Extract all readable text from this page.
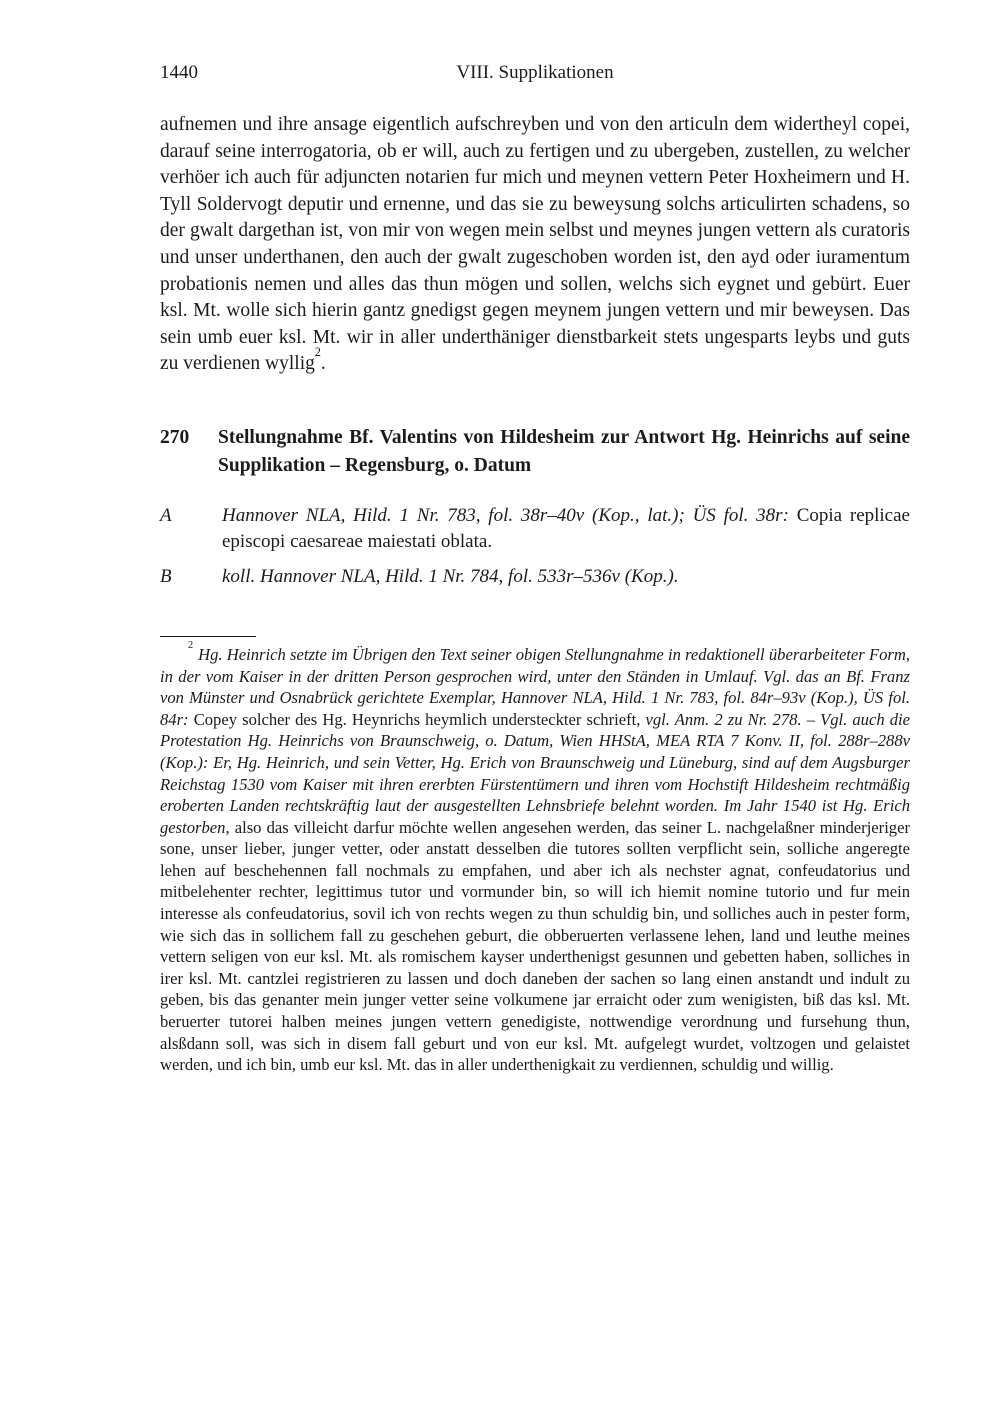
1440	VIII. Supplikationen

aufnemen und ihre ansage eigentlich aufschreyben und von den articuln dem widertheyl copei, darauf seine interrogatoria, ob er will, auch zu fertigen und zu ubergeben, zustellen, zu welcher verhöer ich auch für adjuncten notarien fur mich und meynen vettern Peter Hoxheimern und H. Tyll Soldervogt deputir und ernenne, und das sie zu beweysung solchs articulirten schadens, so der gwalt dargethan ist, von mir von wegen mein selbst und meynes jungen vettern als curatoris und unser underthanen, den auch der gwalt zugeschoben worden ist, den ayd oder iuramentum probationis nemen und alles das thun mögen und sollen, welchs sich eygnet und gebürt. Euer ksl. Mt. wolle sich hierin gantz gnedigst gegen meynem jungen vettern und mir beweysen. Das sein umb euer ksl. Mt. wir in aller underthäniger dienstbarkeit stets ungesparts leybs und guts zu verdienen wyllig$^2$.

270	Stellungnahme Bf. Valentins von Hildesheim zur Antwort Hg. Heinrichs auf seine Supplikation – Regensburg, o. Datum
A	Hannover NLA, Hild. 1 Nr. 783, fol. 38r–40v (Kop., lat.); ÜS fol. 38r: Copia replicae episcopi caesareae maiestati oblata.
B	koll. Hannover NLA, Hild. 1 Nr. 784, fol. 533r–536v (Kop.).

$^2$ Hg. Heinrich setzte im Übrigen den Text seiner obigen Stellungnahme in redaktionell überarbeiteter Form, in der vom Kaiser in der dritten Person gesprochen wird, unter den Ständen in Umlauf. Vgl. das an Bf. Franz von Münster und Osnabrück gerichtete Exemplar, Hannover NLA, Hild. 1 Nr. 783, fol. 84r–93v (Kop.), ÜS fol. 84r: Copey solcher des Hg. Heynrichs heymlich understeckter schrieft, vgl. Anm. 2 zu Nr. 278. – Vgl. auch die Protestation Hg. Heinrichs von Braunschweig, o. Datum, Wien HHStA, MEA RTA 7 Konv. II, fol. 288r–288v (Kop.): Er, Hg. Heinrich, und sein Vetter, Hg. Erich von Braunschweig und Lüneburg, sind auf dem Augsburger Reichstag 1530 vom Kaiser mit ihren ererbten Fürstentümern und ihren vom Hochstift Hildesheim rechtmäßig eroberten Landen rechtskräftig laut der ausgestellten Lehnsbriefe belehnt worden. Im Jahr 1540 ist Hg. Erich gestorben, also das villeicht darfur möchte wellen angesehen werden, das seiner L. nachgelaßner minderjeriger sone, unser lieber, junger vetter, oder anstatt desselben die tutores sollten verpflicht sein, solliche angeregte lehen auf beschehennen fall nochmals zu empfahen, und aber ich als nechster agnat, confeudatorius und mitbelehenter rechter, legittimus tutor und vormunder bin, so will ich hiemit nomine tutorio und fur mein interesse als confeudatorius, sovil ich von rechts wegen zu thun schuldig bin, und solliches auch in pester form, wie sich das in sollichem fall zu geschehen geburt, die obberuerten verlassene lehen, land und leuthe meines vettern seligen von eur ksl. Mt. als romischem kayser underthenigst gesunnen und gebetten haben, solliches in irer ksl. Mt. cantzlei registrieren zu lassen und doch daneben der sachen so lang einen anstandt und indult zu geben, bis das genanter mein junger vetter seine volkumene jar erraicht oder zum wenigisten, biß das ksl. Mt. beruerter tutorei halben meines jungen vettern genedigiste, nottwendige verordnung und fursehung thun, alsßdann soll, was sich in disem fall geburt und von eur ksl. Mt. aufgelegt wurdet, voltzogen und gelaistet werden, und ich bin, umb eur ksl. Mt. das in aller underthenigkait zu verdiennen, schuldig und willig.
